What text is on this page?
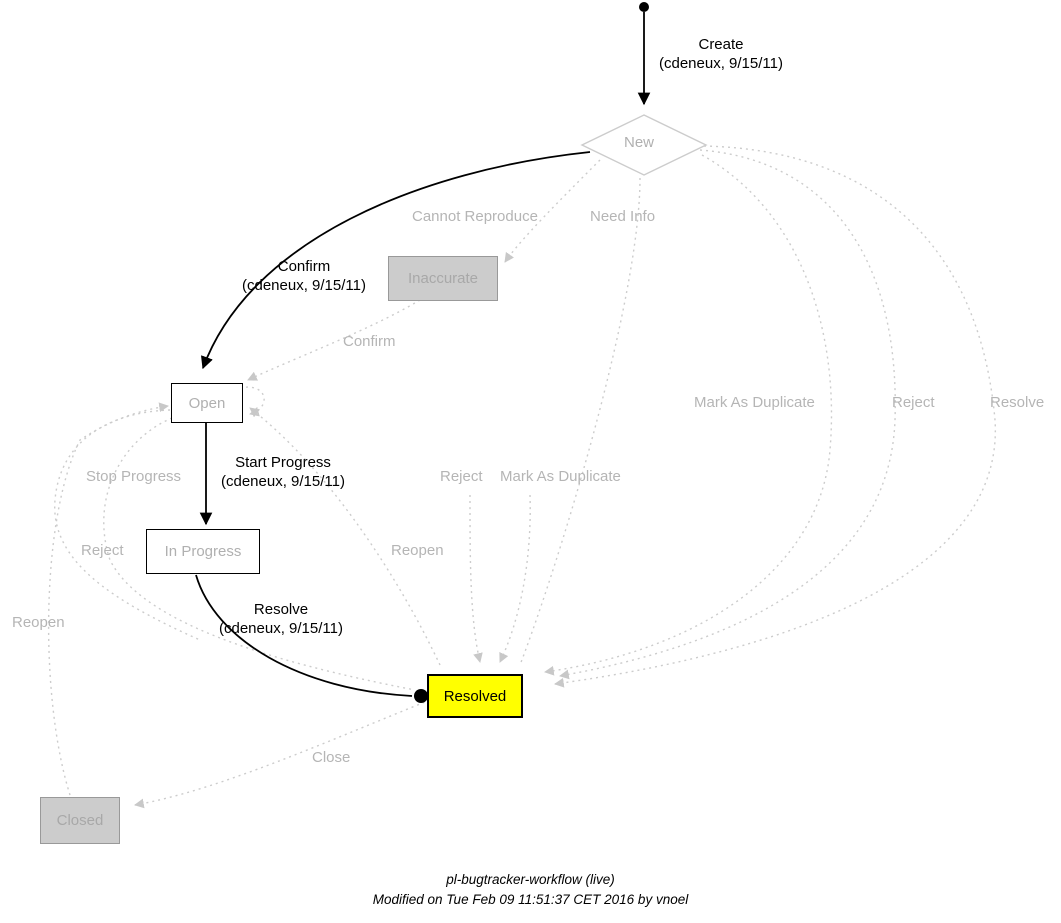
New
Inaccurate
Open
In Progress
Resolved
Closed
Create
(cdeneux, 9/15/11)
Confirm
(cdeneux, 9/15/11)
Start Progress
(cdeneux, 9/15/11)
Resolve
(cdeneux, 9/15/11)
Cannot Reproduce	Need Info
Confirm
Mark As Duplicate	Reject	Resolve
Stop Progress	Reject Mark As Duplicate
Reject	Reopen
Reopen
Close
pl-bugtracker-workflow (live)
Modified on Tue Feb 09 11:51:37 CET 2016 by vnoel
